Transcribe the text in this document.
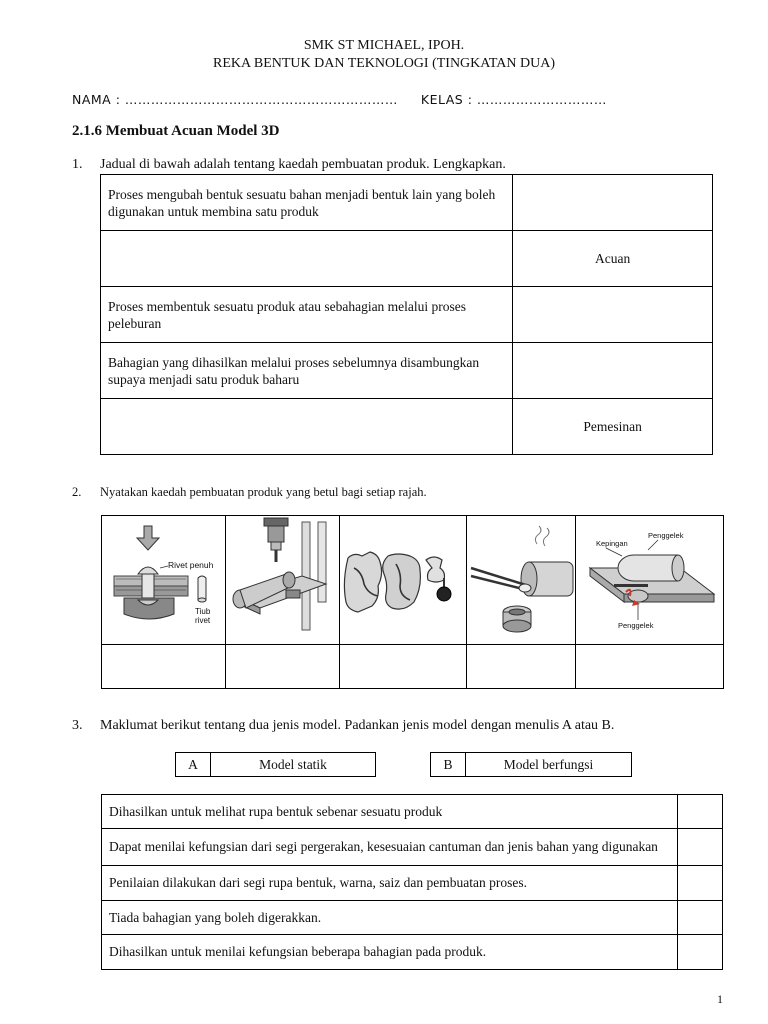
SMK ST MICHAEL, IPOH.
REKA BENTUK DAN TEKNOLOGI (TINGKATAN DUA)
NAMA : ……………………………………………………… KELAS : …………………………
2.1.6 Membuat Acuan Model 3D
1. Jadual di bawah adalah tentang kaedah pembuatan produk. Lengkapkan.
Proses mengubah bentuk sesuatu bahan menjadi bentuk lain yang boleh digunakan untuk membina satu produk	
	Acuan
Proses membentuk sesuatu produk atau sebahagian melalui proses peleburan	
Bahagian yang dihasilkan melalui proses sebelumnya disambungkan supaya menjadi satu produk baharu	
	Pemesinan
2. Nyatakan kaedah pembuatan produk yang betul bagi setiap rajah.
Rivet penuh
Tiub
rivet				Kepingan
Penggelek
Penggelek

3. Maklumat berikut tentang dua jenis model. Padankan jenis model dengan menulis A atau B.
A	Model statik	B	Model berfungsi
Dihasilkan untuk melihat rupa bentuk sebenar sesuatu produk	
Dapat menilai kefungsian dari segi pergerakan, kesesuaian cantuman dan jenis bahan yang digunakan	
Penilaian dilakukan dari segi rupa bentuk, warna, saiz dan pembuatan proses.	
Tiada bahagian yang boleh digerakkan.	
Dihasilkan untuk menilai kefungsian beberapa bahagian pada produk.	
1
